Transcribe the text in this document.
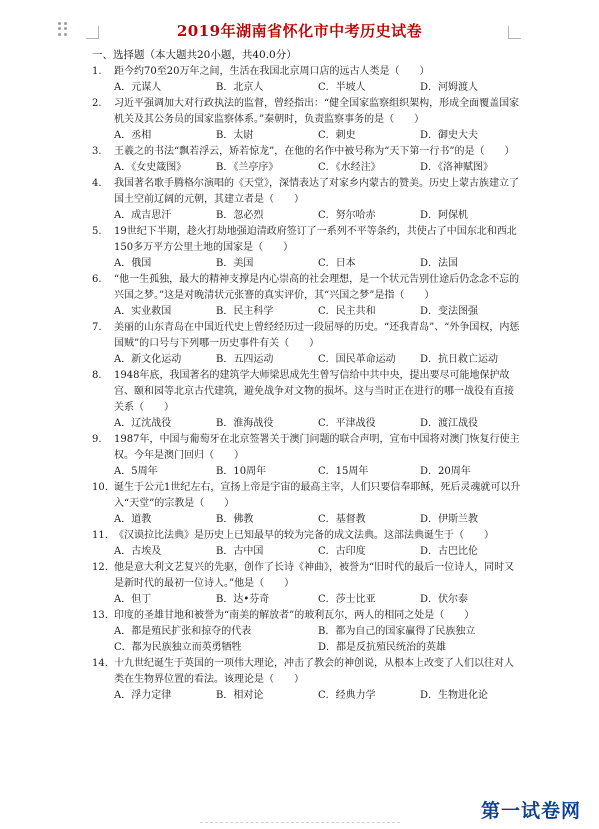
2019年湖南省怀化市中考历史试卷
一、选择题（本大题共20小题，共40.0分）
1. 距今约70至20万年之间，生活在我国北京周口店的远古人类是（　　）
A．元谋人	B．北京人	C．半坡人	D．河姆渡人
2. 习近平强调加大对行政执法的监督，曾经指出：“健全国家监察组织架构，形成全面覆盖国家机关及其公务员的国家监察体系。”秦朝时，负责监察事务的是（　　）
A．丞相	B．太尉	C．刺史	D．御史大夫
3. 王羲之的书法“飘若浮云，矫若惊龙”，在他的名作中被号称为“天下第一行书”的是（　　）
A．《女史箴图》	B．《兰亭序》	C．《水经注》	D．《洛神赋图》
4. 我国著名歌手腾格尔演唱的《天堂》，深情表达了对家乡内蒙古的赞美。历史上蒙古族建立了国土空前辽阔的元朝，其建立者是（　　）
A．成吉思汗	B．忽必烈	C．努尔哈赤	D．阿保机
5. 19世纪下半期，趁火打劫地强迫清政府签订了一系列不平等条约，共使占了中国东北和西北150多万平方公里土地的国家是（　　）
A．俄国	B．美国	C．日本	D．法国
6. “他一生孤独，最大的精神支撑是内心崇高的社会理想，是一个状元告别仕途后仍念念不忘的兴国之梦。”这是对晚清状元张謇的真实评价，其“兴国之梦”是指（　　）
A．实业救国	B．民主科学	C．民主共和	D．变法图强
7. 美丽的山东青岛在中国近代史上曾经经历过一段屈辱的历史。“还我青岛”、“外争国权，内惩国贼”的口号与下列哪一历史事件有关（　　）
A．新文化运动	B．五四运动	C．国民革命运动	D．抗日救亡运动
8. 1948年底，我国著名的建筑学大师梁思成先生曾写信给中共中央，提出要尽可能地保护故宫、颐和园等北京古代建筑，避免战争对文物的损坏。这与当时正在进行的哪一战役有直接关系（　　）
A．辽沈战役	B．淮海战役	C．平津战役	D．渡江战役
9. 1987年，中国与葡萄牙在北京签署关于澳门问题的联合声明，宣布中国将对澳门恢复行使主权。今年是澳门回归（　　）
A．5周年	B．10周年	C．15周年	D．20周年
10. 诞生于公元1世纪左右，宣扬上帝是宇宙的最高主宰，人们只要信奉耶稣，死后灵魂就可以升入“天堂”的宗教是（　　）
A．道教	B．佛教	C．基督教	D．伊斯兰教
11. 《汉谟拉比法典》是历史上已知最早的较为完备的成文法典。这部法典诞生于（　　）
A．古埃及	B．古中国	C．古印度	D．古巴比伦
12. 他是意大利文艺复兴的先驱，创作了长诗《神曲》，被誉为“旧时代的最后一位诗人，同时又是新时代的最初一位诗人。”他是（　　）
A．但丁	B．达•芬奇	C．莎士比亚	D．伏尔泰
13. 印度的圣雄甘地和被誉为“南美的解放者”的玻利瓦尔，两人的相同之处是（　　）
A．都是殖民扩张和掠夺的代表	B．都为自己的国家赢得了民族独立
C．都为民族独立而英勇牺牲	D．都是反抗殖民统治的英雄
14. 十九世纪诞生于英国的一项伟大理论，冲击了教会的神创说，从根本上改变了人们以往对人类在生物界位置的看法。该理论是（　　）
A．浮力定律	B．相对论	C．经典力学	D．生物进化论
第一试卷网
